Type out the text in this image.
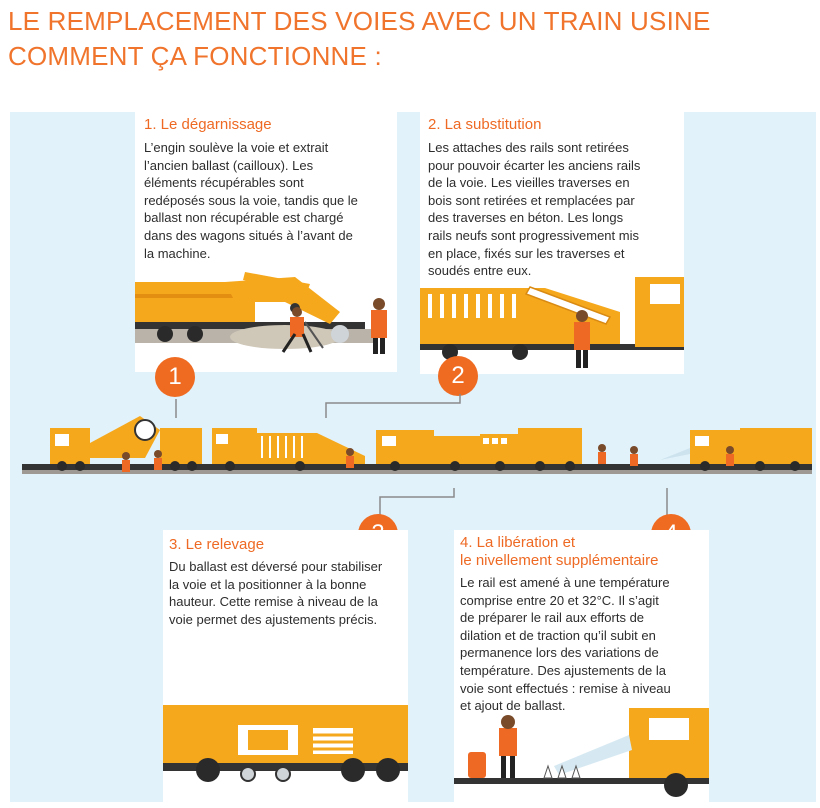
LE REMPLACEMENT DES VOIES AVEC UN TRAIN USINE
COMMENT ÇA FONCTIONNE :
1. Le dégarnissage
L’engin soulève la voie et extrait
l’ancien ballast (cailloux). Les
éléments récupérables sont
redéposés sous la voie, tandis que le
ballast non récupérable est chargé
dans des wagons situés à l’avant de
la machine.
2. La substitution
Les attaches des rails sont retirées
pour pouvoir écarter les anciens rails
de la voie. Les vieilles traverses en
bois sont retirées et remplacées par
des traverses en béton. Les longs
rails neufs sont progressivement mis
en place, fixés sur les traverses et
soudés entre eux.
1	2
3. Le relevage
Du ballast est déversé pour stabiliser
la voie et la positionner à la bonne
hauteur. Cette remise à niveau de la
voie permet des ajustements précis.
4. La libération et
le nivellement supplémentaire
Le rail est amené à une température
comprise entre 20 et 32°C. Il s’agit
de préparer le rail aux efforts de
dilation et de traction qu’il subit en
permanence lors des variations de
température. Des ajustements de la
voie sont effectués : remise à niveau
et ajout de ballast.
